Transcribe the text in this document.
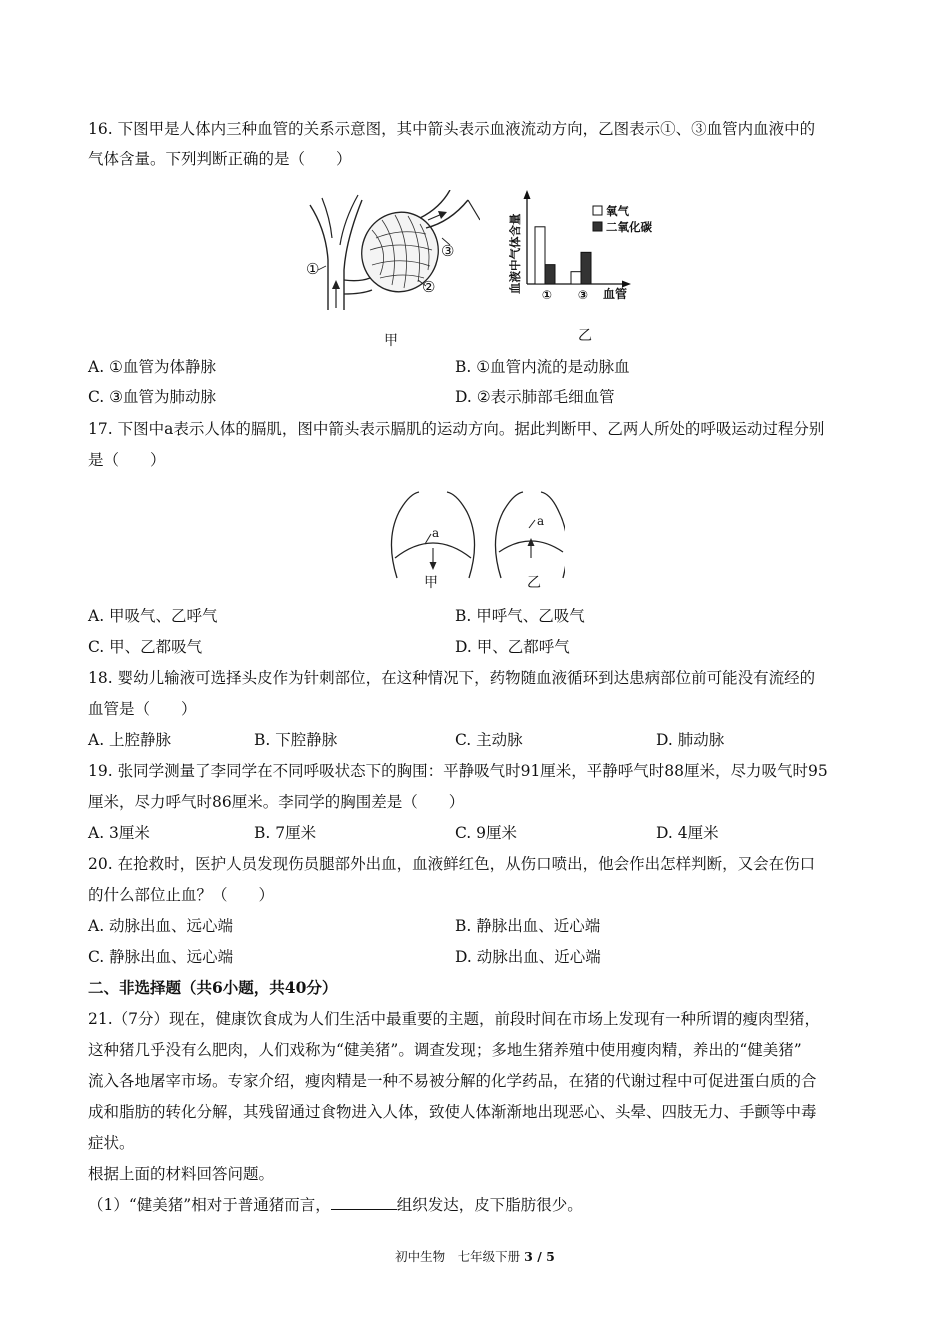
16. 下图甲是人体内三种血管的关系示意图，其中箭头表示血液流动方向，乙图表示①、③血管内血液中的
气体含量。下列判断正确的是（　　）
①
②
③
甲
血液中气体含量	血管
① ③
氧气
二氧化碳
乙
A. ①血管为体静脉	B. ①血管内流的是动脉血
C. ③血管为肺动脉	D. ②表示肺部毛细血管
17. 下图中a表示人体的膈肌，图中箭头表示膈肌的运动方向。据此判断甲、乙两人所处的呼吸运动过程分别
是（　　）
a
a
甲	乙
A. 甲吸气、乙呼气	B. 甲呼气、乙吸气
C. 甲、乙都吸气	D. 甲、乙都呼气
18. 婴幼儿输液可选择头皮作为针刺部位，在这种情况下，药物随血液循环到达患病部位前可能没有流经的
血管是（　　）
A. 上腔静脉	B. 下腔静脉	C. 主动脉	D. 肺动脉
19. 张同学测量了李同学在不同呼吸状态下的胸围：平静吸气时91厘米，平静呼气时88厘米，尽力吸气时95
厘米，尽力呼气时86厘米。李同学的胸围差是（　　）
A. 3厘米	B. 7厘米	C. 9厘米	D. 4厘米
20. 在抢救时，医护人员发现伤员腿部外出血，血液鲜红色，从伤口喷出，他会作出怎样判断，又会在伤口
的什么部位止血？（　　）
A. 动脉出血、远心端	B. 静脉出血、近心端
C. 静脉出血、远心端	D. 动脉出血、近心端
二、非选择题（共6小题，共40分）
21.（7分）现在，健康饮食成为人们生活中最重要的主题，前段时间在市场上发现有一种所谓的瘦肉型猪，
这种猪几乎没有么肥肉，人们戏称为“健美猪”。调查发现；多地生猪养殖中使用瘦肉精，养出的“健美猪”
流入各地屠宰市场。专家介绍，瘦肉精是一种不易被分解的化学药品，在猪的代谢过程中可促进蛋白质的合
成和脂肪的转化分解，其残留通过食物进入人体，致使人体渐渐地出现恶心、头晕、四肢无力、手颤等中毒
症状。
根据上面的材料回答问题。
（1）“健美猪”相对于普通猪而言，	组织发达，皮下脂肪很少。
初中生物　七年级下册 3 / 5
